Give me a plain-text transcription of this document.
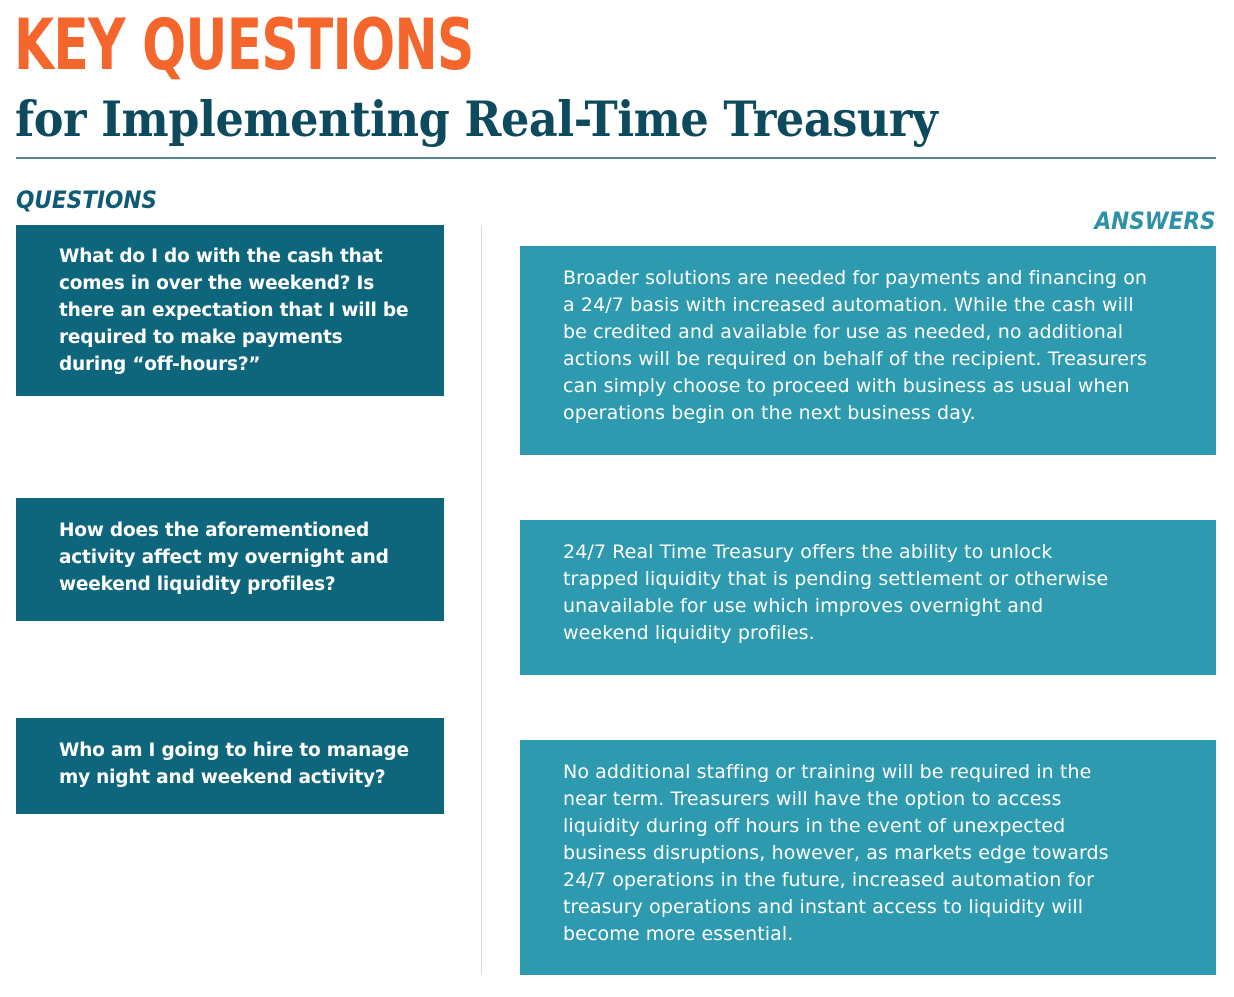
KEY QUESTIONS
for Implementing Real-Time Treasury
QUESTIONS
ANSWERS

What do I do with the cash that
comes in over the weekend? Is
there an expectation that I will be
required to make payments
during “off-hours?”

Broader solutions are needed for payments and financing on
a 24/7 basis with increased automation. While the cash will
be credited and available for use as needed, no additional
actions will be required on behalf of the recipient. Treasurers
can simply choose to proceed with business as usual when
operations begin on the next business day.

How does the aforementioned
activity affect my overnight and
weekend liquidity profiles?

24/7 Real Time Treasury offers the ability to unlock
trapped liquidity that is pending settlement or otherwise
unavailable for use which improves overnight and
weekend liquidity profiles.

Who am I going to hire to manage
my night and weekend activity?	No additional staffing or training will be required in the
near term. Treasurers will have the option to access
liquidity during off hours in the event of unexpected
business disruptions, however, as markets edge towards
24/7 operations in the future, increased automation for
treasury operations and instant access to liquidity will
become more essential.
